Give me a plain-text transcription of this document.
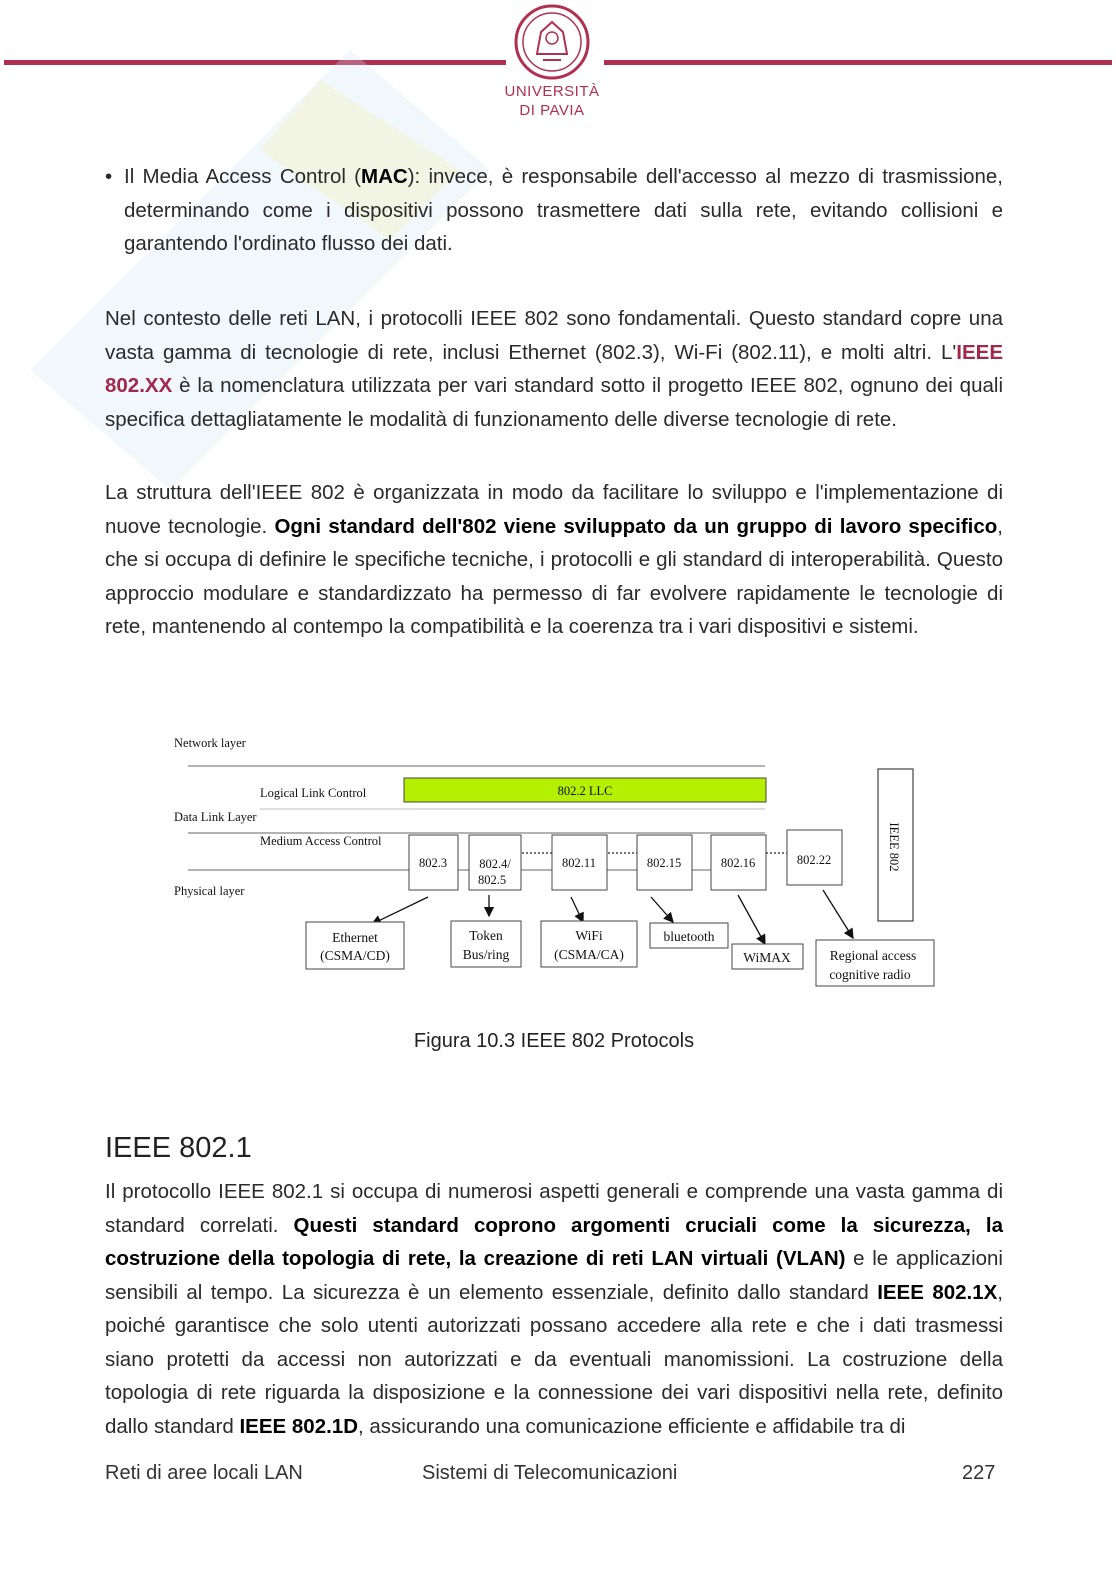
UNIVERSITÀ
DI PAVIA
• Il Media Access Control (MAC): invece, è responsabile dell'accesso al mezzo di trasmissione, determinando come i dispositivi possono trasmettere dati sulla rete, evitando collisioni e garantendo l'ordinato flusso dei dati.

Nel contesto delle reti LAN, i protocolli IEEE 802 sono fondamentali. Questo standard copre una vasta gamma di tecnologie di rete, inclusi Ethernet (802.3), Wi-Fi (802.11), e molti altri. L'IEEE 802.XX è la nomenclatura utilizzata per vari standard sotto il progetto IEEE 802, ognuno dei quali specifica dettagliatamente le modalità di funzionamento delle diverse tecnologie di rete.

La struttura dell'IEEE 802 è organizzata in modo da facilitare lo sviluppo e l'implementazione di nuove tecnologie. Ogni standard dell'802 viene sviluppato da un gruppo di lavoro specifico, che si occupa di definire le specifiche tecniche, i protocolli e gli standard di interoperabilità. Questo approccio modulare e standardizzato ha permesso di far evolvere rapidamente le tecnologie di rete, mantenendo al contempo la compatibilità e la coerenza tra i vari dispositivi e sistemi.

Network layer
Logical Link Control
Data Link Layer
Medium Access Control
Physical layer
802.2 LLC
IEEE 802
802.3	802.4/
802.5
802.11	802.15	802.16	802.22
Ethernet
(CSMA/CD)
Token
Bus/ring
WiFi
(CSMA/CA)
bluetooth
WiMAX	Regional access
cognitive radio
Figura 10.3 IEEE 802 Protocols
IEEE 802.1

Il protocollo IEEE 802.1 si occupa di numerosi aspetti generali e comprende una vasta gamma di standard correlati. Questi standard coprono argomenti cruciali come la sicurezza, la costruzione della topologia di rete, la creazione di reti LAN virtuali (VLAN) e le applicazioni sensibili al tempo. La sicurezza è un elemento essenziale, definito dallo standard IEEE 802.1X, poiché garantisce che solo utenti autorizzati possano accedere alla rete e che i dati trasmessi siano protetti da accessi non autorizzati e da eventuali manomissioni. La costruzione della topologia di rete riguarda la disposizione e la connessione dei vari dispositivi nella rete, definito dallo standard IEEE 802.1D, assicurando una comunicazione efficiente e affidabile tra di

Reti di aree locali LAN	Sistemi di Telecomunicazioni	227
